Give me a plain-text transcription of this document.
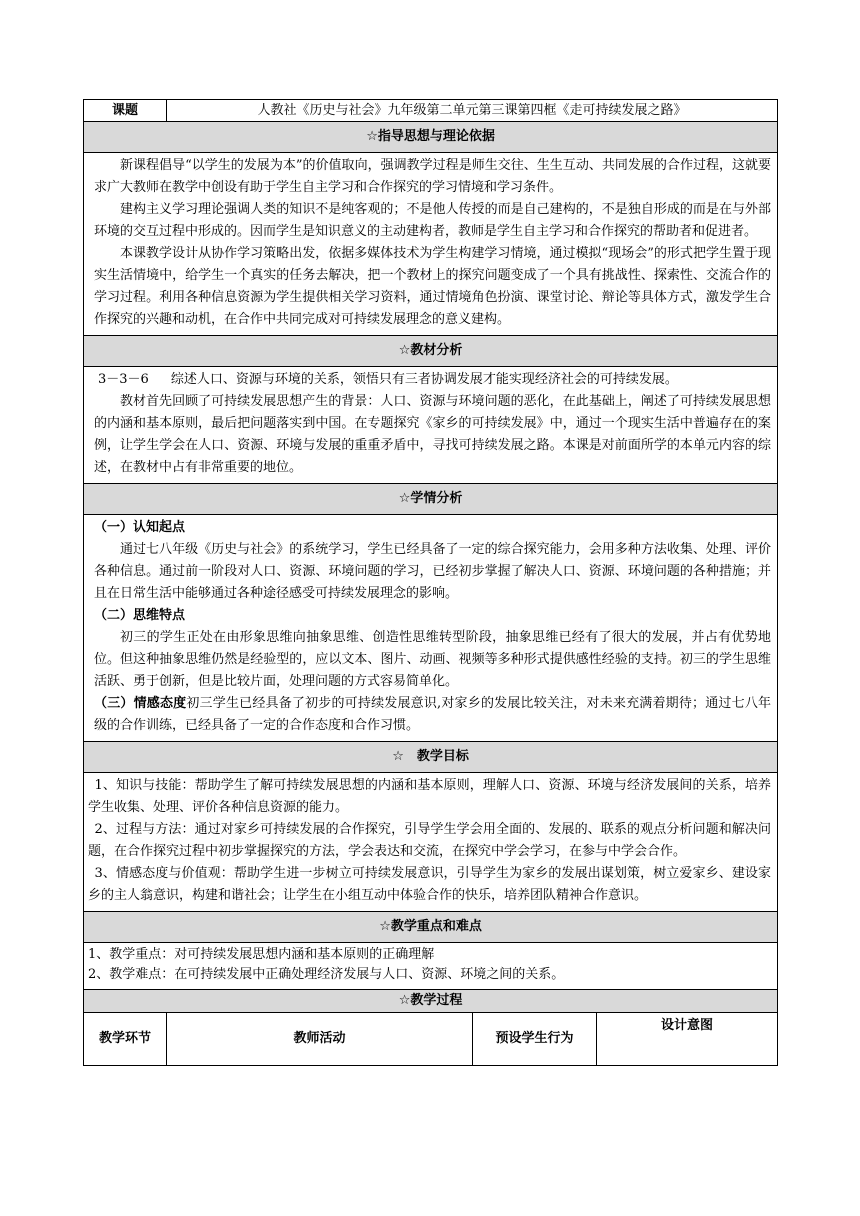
课题	人教社《历史与社会》九年级第二单元第三课第四框《走可持续发展之路》		
☆指导思想与理论依据			

新课程倡导“以学生的发展为本”的价值取向，强调教学过程是师生交往、生生互动、共同发展的合作过程，这就要求广大教师在教学中创设有助于学生自主学习和合作探究的学习情境和学习条件。

建构主义学习理论强调人类的知识不是纯客观的；不是他人传授的而是自己建构的，不是独自形成的而是在与外部环境的交互过程中形成的。因而学生是知识意义的主动建构者，教师是学生自主学习和合作探究的帮助者和促进者。

本课教学设计从协作学习策略出发，依据多媒体技术为学生构建学习情境，通过模拟“现场会”的形式把学生置于现实生活情境中，给学生一个真实的任务去解决，把一个教材上的探究问题变成了一个具有挑战性、探索性、交流合作的学习过程。利用各种信息资源为学生提供相关学习资料，通过情境角色扮演、课堂讨论、辩论等具体方式，激发学生合作探究的兴趣和动机，在合作中共同完成对可持续发展理念的意义建构。			

☆教材分析			

3－3－6 综述人口、资源与环境的关系，领悟只有三者协调发展才能实现经济社会的可持续发展。

教材首先回顾了可持续发展思想产生的背景：人口、资源与环境问题的恶化，在此基础上，阐述了可持续发展思想的内涵和基本原则，最后把问题落实到中国。在专题探究《家乡的可持续发展》中，通过一个现实生活中普遍存在的案例，让学生学会在人口、资源、环境与发展的重重矛盾中，寻找可持续发展之路。本课是对前面所学的本单元内容的综述，在教材中占有非常重要的地位。			

☆学情分析			

（一）认知起点

通过七八年级《历史与社会》的系统学习，学生已经具备了一定的综合探究能力，会用多种方法收集、处理、评价各种信息。通过前一阶段对人口、资源、环境问题的学习，已经初步掌握了解决人口、资源、环境问题的各种措施；并且在日常生活中能够通过各种途径感受可持续发展理念的影响。

（二）思维特点

初三的学生正处在由形象思维向抽象思维、创造性思维转型阶段，抽象思维已经有了很大的发展，并占有优势地位。但这种抽象思维仍然是经验型的，应以文本、图片、动画、视频等多种形式提供感性经验的支持。初三的学生思维活跃、勇于创新，但是比较片面，处理问题的方式容易简单化。

（三）情感态度初三学生已经具备了初步的可持续发展意识,对家乡的发展比较关注，对未来充满着期待；通过七八年级的合作训练，已经具备了一定的合作态度和合作习惯。			

☆　教学目标			

1、知识与技能：帮助学生了解可持续发展思想的内涵和基本原则，理解人口、资源、环境与经济发展间的关系，培养学生收集、处理、评价各种信息资源的能力。

2、过程与方法：通过对家乡可持续发展的合作探究，引导学生学会用全面的、发展的、联系的观点分析问题和解决问题，在合作探究过程中初步掌握探究的方法，学会表达和交流，在探究中学会学习，在参与中学会合作。

3、情感态度与价值观：帮助学生进一步树立可持续发展意识，引导学生为家乡的发展出谋划策，树立爱家乡、建设家乡的主人翁意识，构建和谐社会；让学生在小组互动中体验合作的快乐，培养团队精神合作意识。			

☆教学重点和难点			

1、教学重点：对可持续发展思想内涵和基本原则的正确理解

2、教学难点：在可持续发展中正确处理经济发展与人口、资源、环境之间的关系。			

☆教学过程			
教学环节	教师活动	预设学生行为	设计意图
